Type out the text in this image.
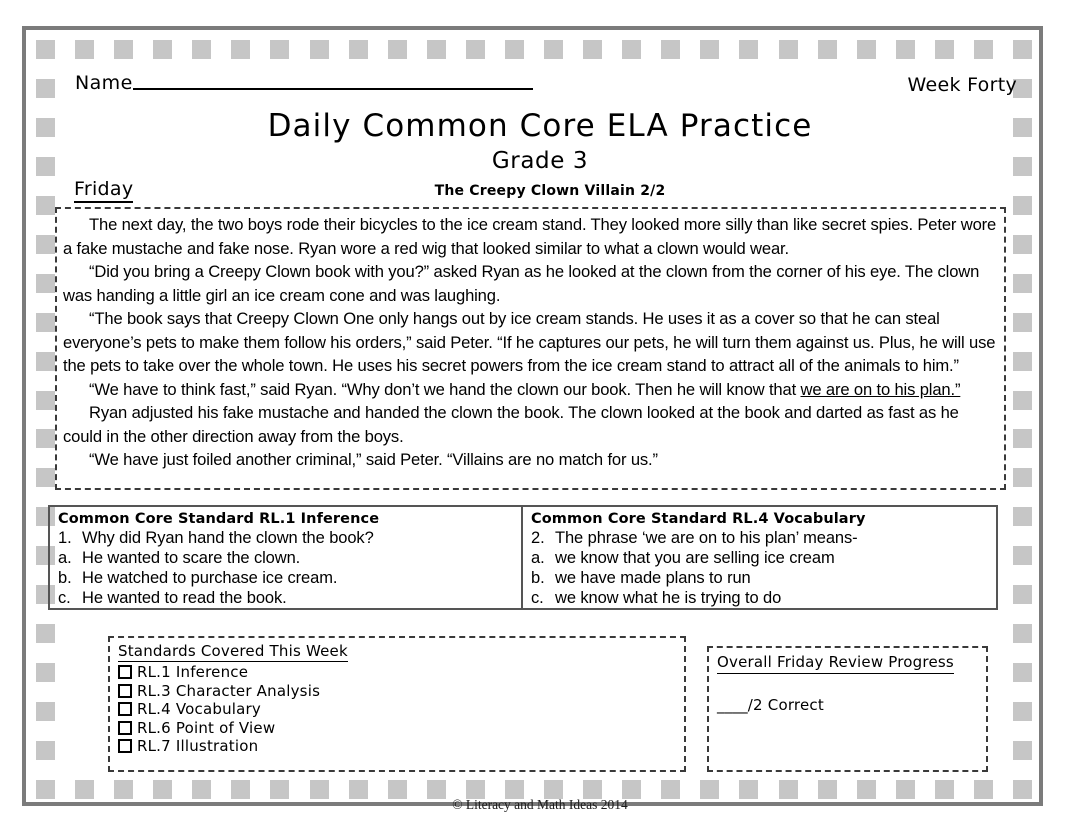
Name	Week Forty
Daily Common Core ELA Practice
Grade 3
Friday	The Creepy Clown Villain 2/2

The next day, the two boys rode their bicycles to the ice cream stand. They looked more silly than like secret spies. Peter wore a fake mustache and fake nose. Ryan wore a red wig that looked similar to what a clown would wear.

“Did you bring a Creepy Clown book with you?” asked Ryan as he looked at the clown from the corner of his eye. The clown was handing a little girl an ice cream cone and was laughing.

“The book says that Creepy Clown One only hangs out by ice cream stands. He uses it as a cover so that he can steal everyone’s pets to make them follow his orders,” said Peter. “If he captures our pets, he will turn them against us. Plus, he will use the pets to take over the whole town. He uses his secret powers from the ice cream stand to attract all of the animals to him.”

“We have to think fast,” said Ryan. “Why don’t we hand the clown our book. Then he will know that we are on to his plan.”

Ryan adjusted his fake mustache and handed the clown the book. The clown looked at the book and darted as fast as he could in the other direction away from the boys.

“We have just foiled another criminal,” said Peter. “Villains are no match for us.”

Common Core Standard RL.1 Inference
1. Why did Ryan hand the clown the book?
a. He wanted to scare the clown.
b. He watched to purchase ice cream.
c. He wanted to read the book.
Common Core Standard RL.4 Vocabulary
2. The phrase ‘we are on to his plan’ means-
a. we know that you are selling ice cream
b. we have made plans to run
c. we know what he is trying to do
Standards Covered This Week
RL.1 Inference
RL.3 Character Analysis
RL.4 Vocabulary
RL.6 Point of View
RL.7 Illustration
Overall Friday Review Progress
____/2 Correct
© Literacy and Math Ideas 2014
